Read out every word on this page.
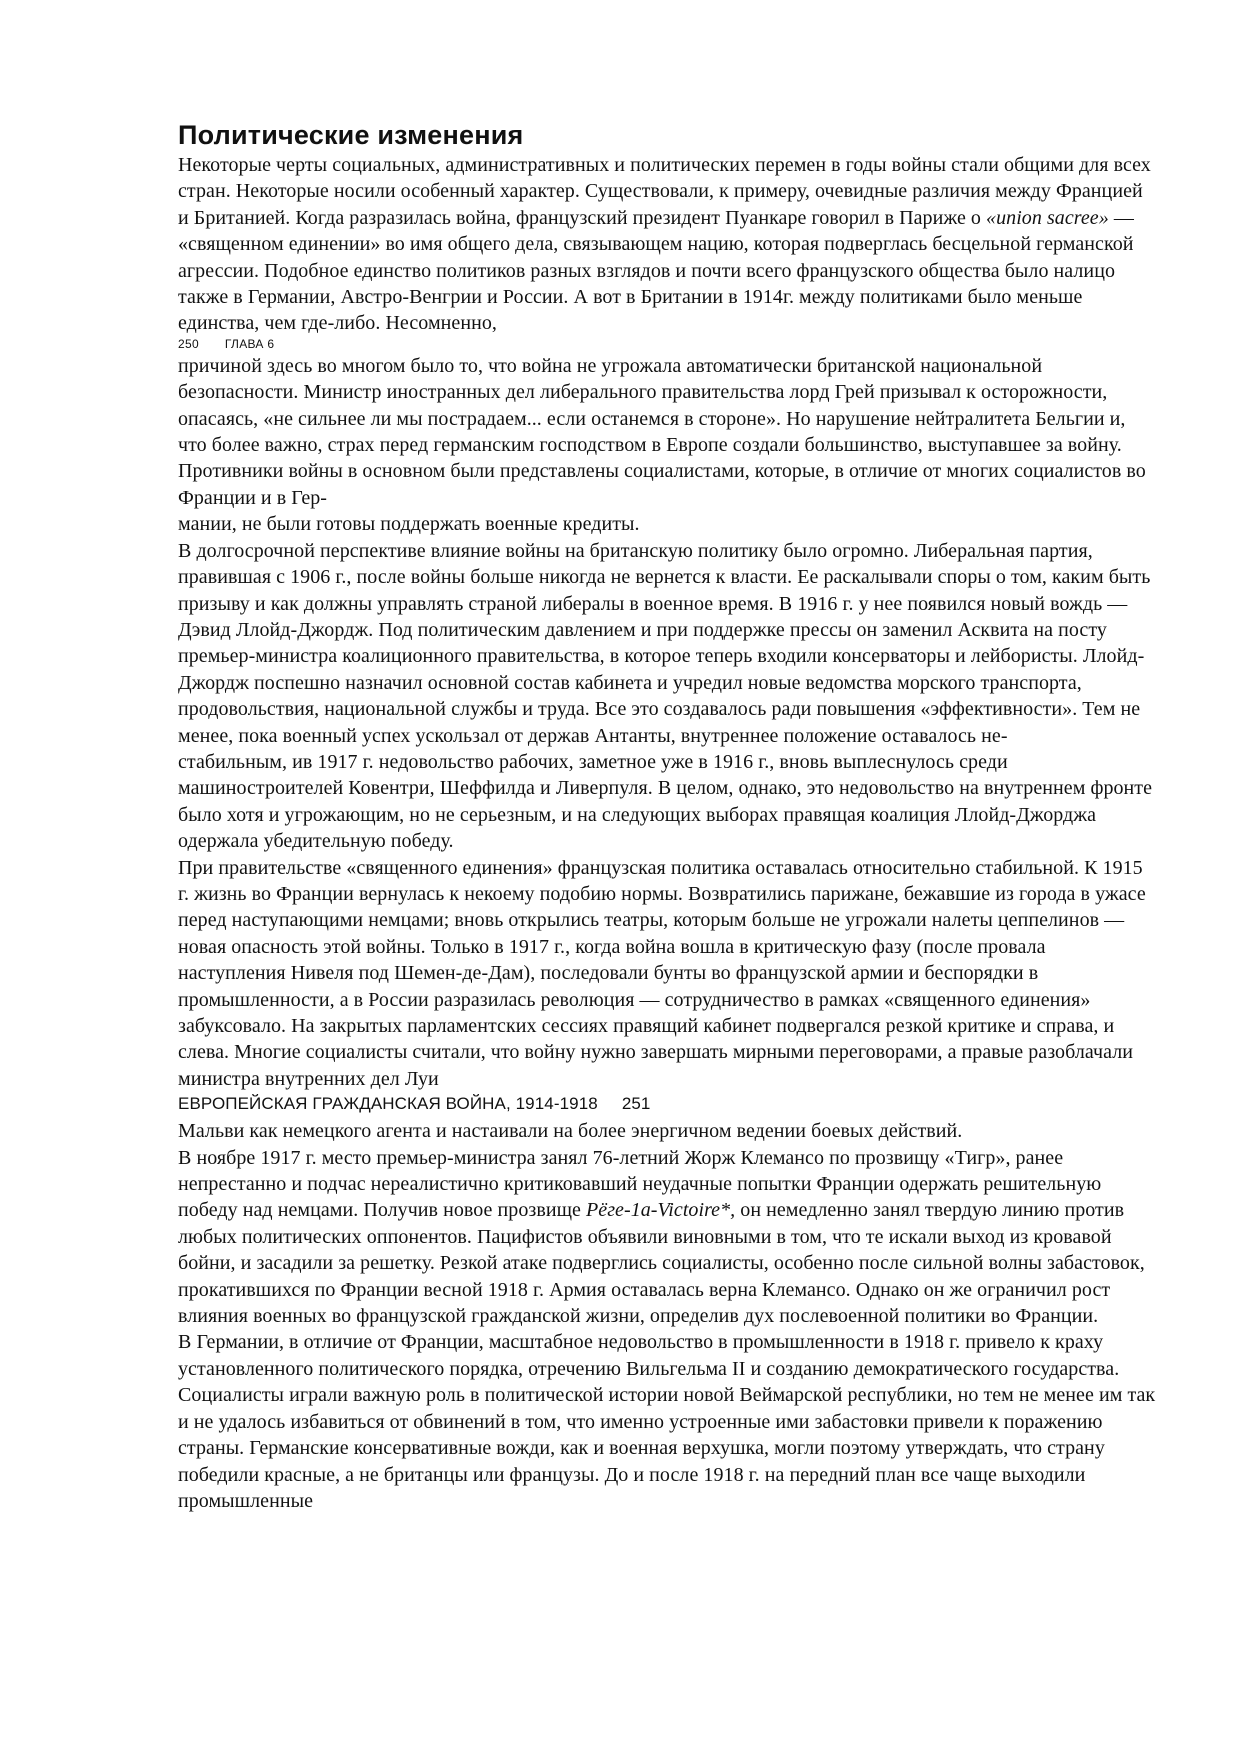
Политические изменения

Некоторые черты социальных, административных и политических перемен в годы войны стали общими для всех стран. Некоторые носили особенный характер. Существовали, к примеру, очевидные различия между Францией и Британией. Когда разразилась война, французский президент Пуанкаре говорил в Париже о «union sacree» — «священном единении» во имя общего дела, связывающем нацию, которая подверглась бесцельной германской агрессии. Подобное единство политиков разных взглядов и почти всего французского общества было налицо также в Германии, Австро-Венгрии и России. А вот в Британии в 1914г. между политиками было меньше единства, чем где-либо. Несомненно,

250 ГЛАВА 6

причиной здесь во многом было то, что война не угрожала автоматически британской национальной безопасности. Министр иностранных дел либерального правительства лорд Грей призывал к осторожности, опасаясь, «не сильнее ли мы пострадаем... если останемся в стороне». Но нарушение нейтралитета Бельгии и, что более важно, страх перед германским господством в Европе создали большинство, выступавшее за войну. Противники войны в основном были представлены социалистами, которые, в отличие от многих социалистов во Франции и в Гер-
мании, не были готовы поддержать военные кредиты.

В долгосрочной перспективе влияние войны на британскую политику было огромно. Либеральная партия, правившая с 1906 г., после войны больше никогда не вернется к власти. Ее раскалывали споры о том, каким быть призыву и как должны управлять страной либералы в военное время. В 1916 г. у нее появился новый вождь — Дэвид Ллойд-Джордж. Под политическим давлением и при поддержке прессы он заменил Асквита на посту премьер-министра коалиционного правительства, в которое теперь входили консерваторы и лейбористы. Ллойд-Джордж поспешно назначил основной состав кабинета и учредил новые ведомства морского транспорта, продовольствия, национальной службы и труда. Все это создавалось ради повышения «эффективности». Тем не менее, пока военный успех ускользал от держав Антанты, внутреннее положение оставалось не-
стабильным, ив 1917 г. недовольство рабочих, заметное уже в 1916 г., вновь выплеснулось среди машиностроителей Ковентри, Шеффилда и Ливерпуля. В целом, однако, это недовольство на внутреннем фронте было хотя и угрожающим, но не серьезным, и на следующих выборах правящая коалиция Ллойд-Джорджа одержала убедительную победу.

При правительстве «священного единения» французская политика оставалась относительно стабильной. К 1915 г. жизнь во Франции вернулась к некоему подобию нормы. Возвратились парижане, бежавшие из города в ужасе перед наступающими немцами; вновь открылись театры, которым больше не угрожали налеты цеппелинов — новая опасность этой войны. Только в 1917 г., когда война вошла в критическую фазу (после провала наступления Нивеля под Шемен-де-Дам), последовали бунты во французской армии и беспорядки в промышленности, а в России разразилась революция — сотрудничество в рамках «священного единения» забуксовало. На закрытых парламентских сессиях правящий кабинет подвергался резкой критике и справа, и слева. Многие социалисты считали, что войну нужно завершать мирными переговорами, а правые разоблачали министра внутренних дел Луи

ЕВРОПЕЙСКАЯ ГРАЖДАНСКАЯ ВОЙНА, 1914-1918 251

Мальви как немецкого агента и настаивали на более энергичном ведении боевых действий.

В ноябре 1917 г. место премьер-министра занял 76-летний Жорж Клемансо по прозвищу «Тигр», ранее непрестанно и подчас нереалистично критиковавший неудачные попытки Франции одержать решительную победу над немцами. Получив новое прозвище Pёге-1а-Victoire*, он немедленно занял твердую линию против любых политических оппонентов. Пацифистов объявили виновными в том, что те искали выход из кровавой бойни, и засадили за решетку. Резкой атаке подверглись социалисты, особенно после сильной волны забастовок, прокатившихся по Франции весной 1918 г. Армия оставалась верна Клемансо. Однако он же ограничил рост влияния военных во французской гражданской жизни, определив дух послевоенной политики во Франции.

В Германии, в отличие от Франции, масштабное недовольство в промышленности в 1918 г. привело к краху установленного политического порядка, отречению Вильгельма II и созданию демократического государства. Социалисты играли важную роль в политической истории новой Веймарской республики, но тем не менее им так и не удалось избавиться от обвинений в том, что именно устроенные ими забастовки привели к поражению страны. Германские консервативные вожди, как и военная верхушка, могли поэтому утверждать, что страну победили красные, а не британцы или французы. До и после 1918 г. на передний план все чаще выходили промышленные
